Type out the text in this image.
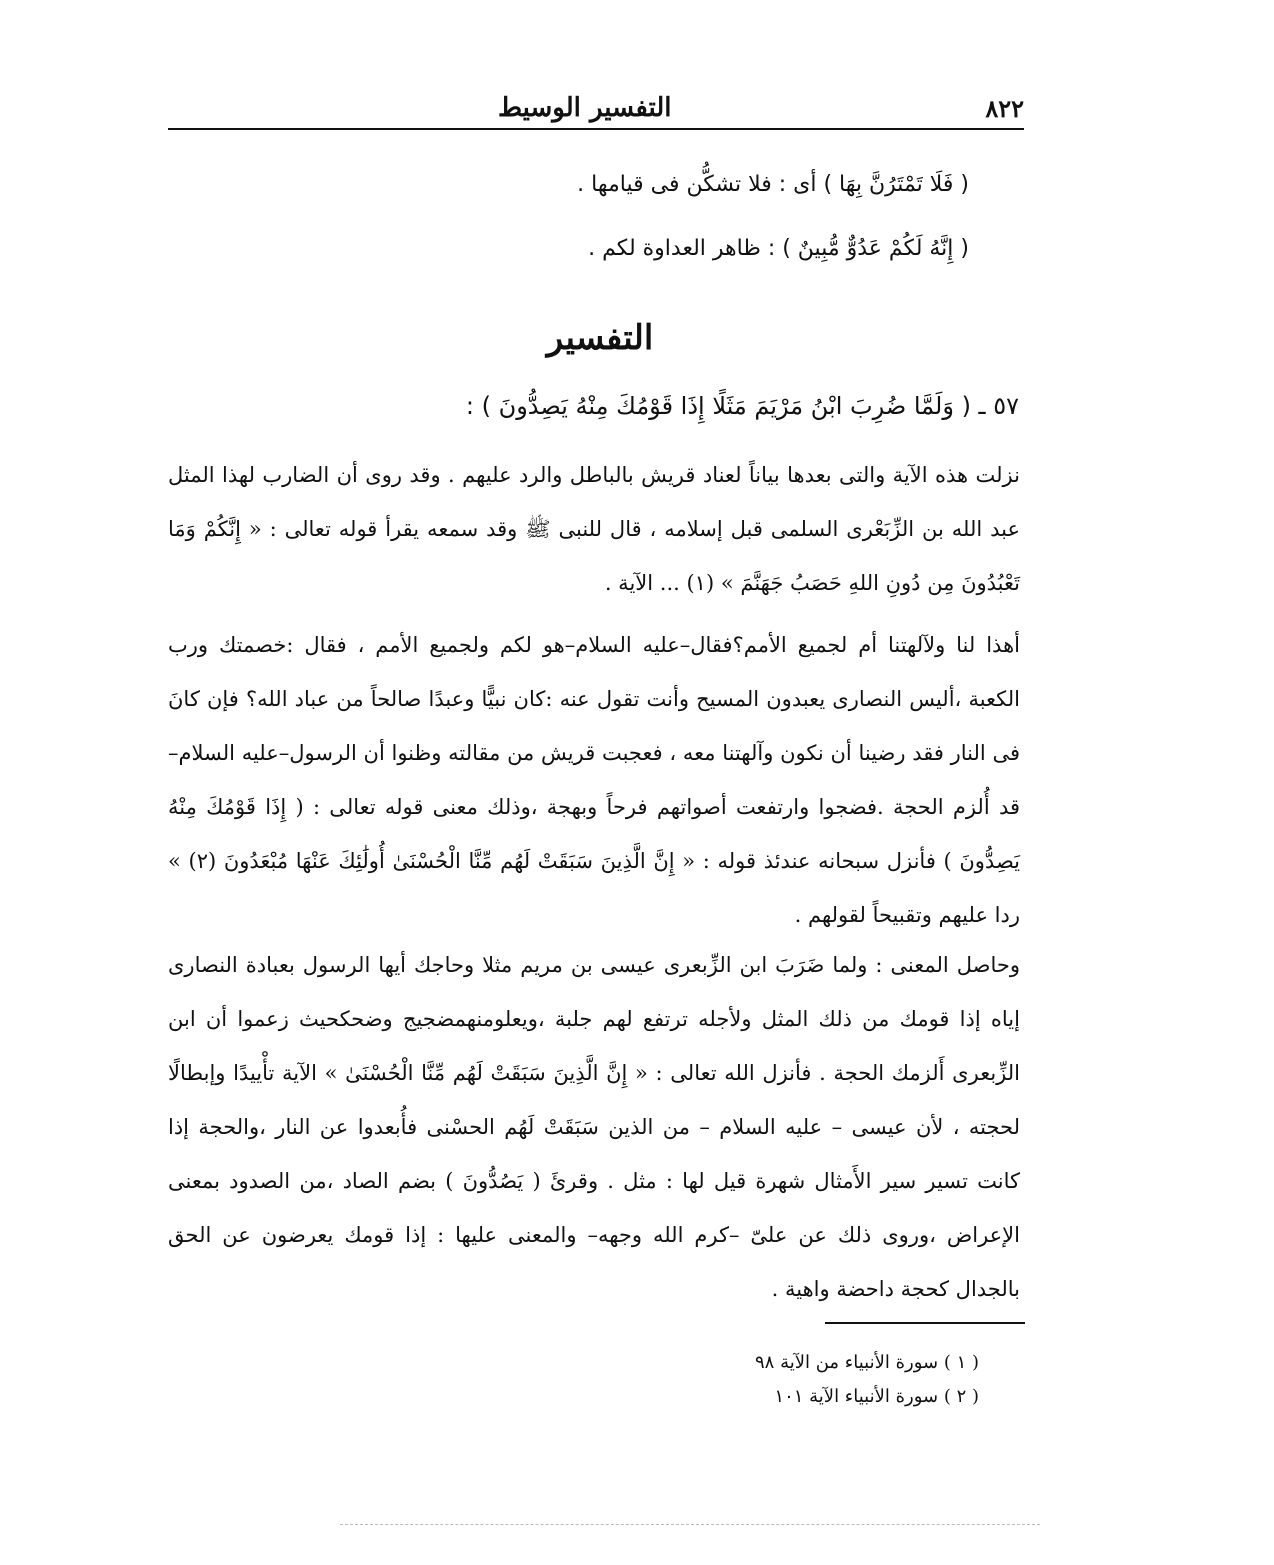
٨٢٢
التفسير الوسيط
( فَلَا تَمْتَرُنَّ بِهَا ) أى : فلا تشكُّن فى قيامها .
( إِنَّهُ لَكُمْ عَدُوٌّ مُّبِينٌ ) : ظاهر العداوة لكم .
التفسير
٥٧ ـ ( وَلَمَّا ضُرِبَ ابْنُ مَرْيَمَ مَثَلًا إِذَا قَوْمُكَ مِنْهُ يَصِدُّونَ ) :

نزلت هذه الآية والتى بعدها بياناً لعناد قريش بالباطل والرد عليهم . وقد روى أن الضارب لهذا المثل عبد الله بن الزِّبَعْرى السلمى قبل إسلامه ، قال للنبى ﷺ وقد سمعه يقرأ قوله تعالى : « إِنَّكُمْ وَمَا تَعْبُدُونَ مِن دُونِ اللهِ حَصَبُ جَهَنَّمَ » (١) ... الآية .

أهذا لنا ولآلهتنا أم لجميع الأمم؟فقال–عليه السلام–هو لكم ولجميع الأمم ، فقال :خصمتك ورب الكعبة ،أليس النصارى يعبدون المسيح وأنت تقول عنه :كان نبيًّا وعبدًا صالحاً من عباد الله؟ فإن كانَ فى النار فقد رضينا أن نكون وآلهتنا معه ، فعجبت قريش من مقالته وظنوا أن الرسول–عليه السلام–قد أُلزم الحجة .فضجوا وارتفعت أصواتهم فرحاً وبهجة ،وذلك معنى قوله تعالى : ( إِذَا قَوْمُكَ مِنْهُ يَصِدُّونَ ) فأنزل سبحانه عندئذ قوله : « إِنَّ الَّذِينَ سَبَقَتْ لَهُم مِّنَّا الْحُسْنَىٰ أُولَٰئِكَ عَنْهَا مُبْعَدُونَ (٢) » ردا عليهم وتقبيحاً لقولهم .

وحاصل المعنى : ولما ضَرَبَ ابن الزِّبعرى عيسى بن مريم مثلا وحاجك أيها الرسول بعبادة النصارى إياه إذا قومك من ذلك المثل ولأجله ترتفع لهم جلبة ،ويعلومنهمضجيج وضحكحيث زعموا أن ابن الزِّبعرى أَلزمك الحجة . فأنزل الله تعالى : « إِنَّ الَّذِينَ سَبَقَتْ لَهُم مِّنَّا الْحُسْنَىٰ » الآية تأْييدًا وإبطالًا لحجته ، لأن عيسى – عليه السلام – من الذين سَبَقَتْ لَهُم الحسْنى فأُبعدوا عن النار ،والحجة إذا كانت تسير سير الأَمثال شهرة قيل لها : مثل . وقرئَ ( يَصُدُّونَ ) بضم الصاد ،من الصدود بمعنى الإعراض ،وروى ذلك عن علىّ –كرم الله وجهه– والمعنى عليها : إذا قومك يعرضون عن الحق بالجدال كحجة داحضة واهية .

( ١ ) سورة الأنبياء من الآية ٩٨
( ٢ ) سورة الأنبياء الآية ١٠١
